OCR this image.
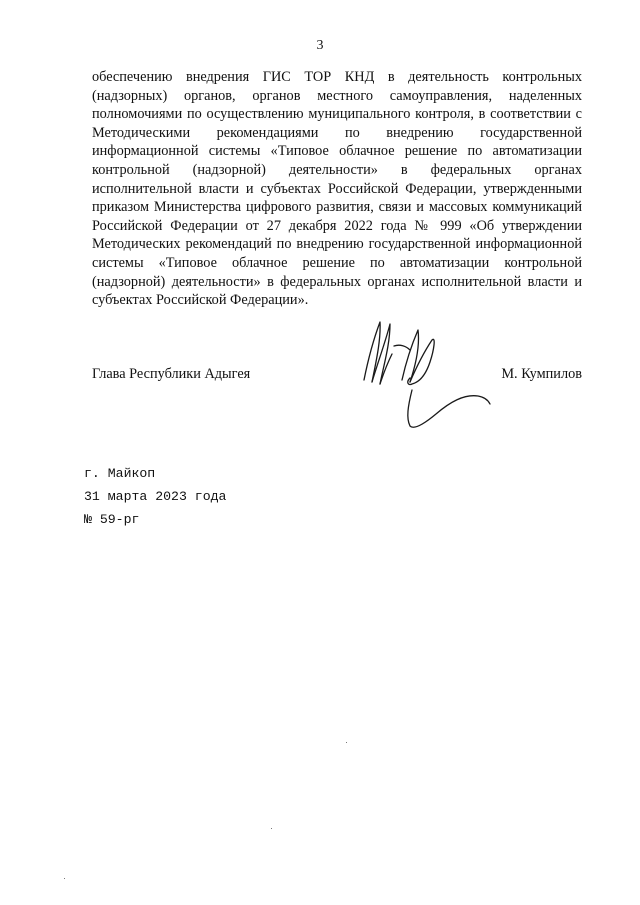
3

обеспечению внедрения ГИС ТОР КНД в деятельность контрольных (надзорных) органов, органов местного самоуправления, наделенных полномочиями по осуществлению муниципального контроля, в соответствии с Методическими рекомендациями по внедрению государственной информационной системы «Типовое облачное решение по автоматизации контрольной (надзорной) деятельности» в федеральных органах исполнительной власти и субъектах Российской Федерации, утвержденными приказом Министерства цифрового развития, связи и массовых коммуникаций Российской Федерации от 27 декабря 2022 года № 999 «Об утверждении Методических рекомендаций по внедрению государственной информационной системы «Типовое облачное решение по автоматизации контрольной (надзорной) деятельности» в федеральных органах исполнительной власти и субъектах Российской Федерации».

Глава Республики Адыгея	М. Кумпилов
г. Майкоп
31 марта 2023 года
№ 59-рг
